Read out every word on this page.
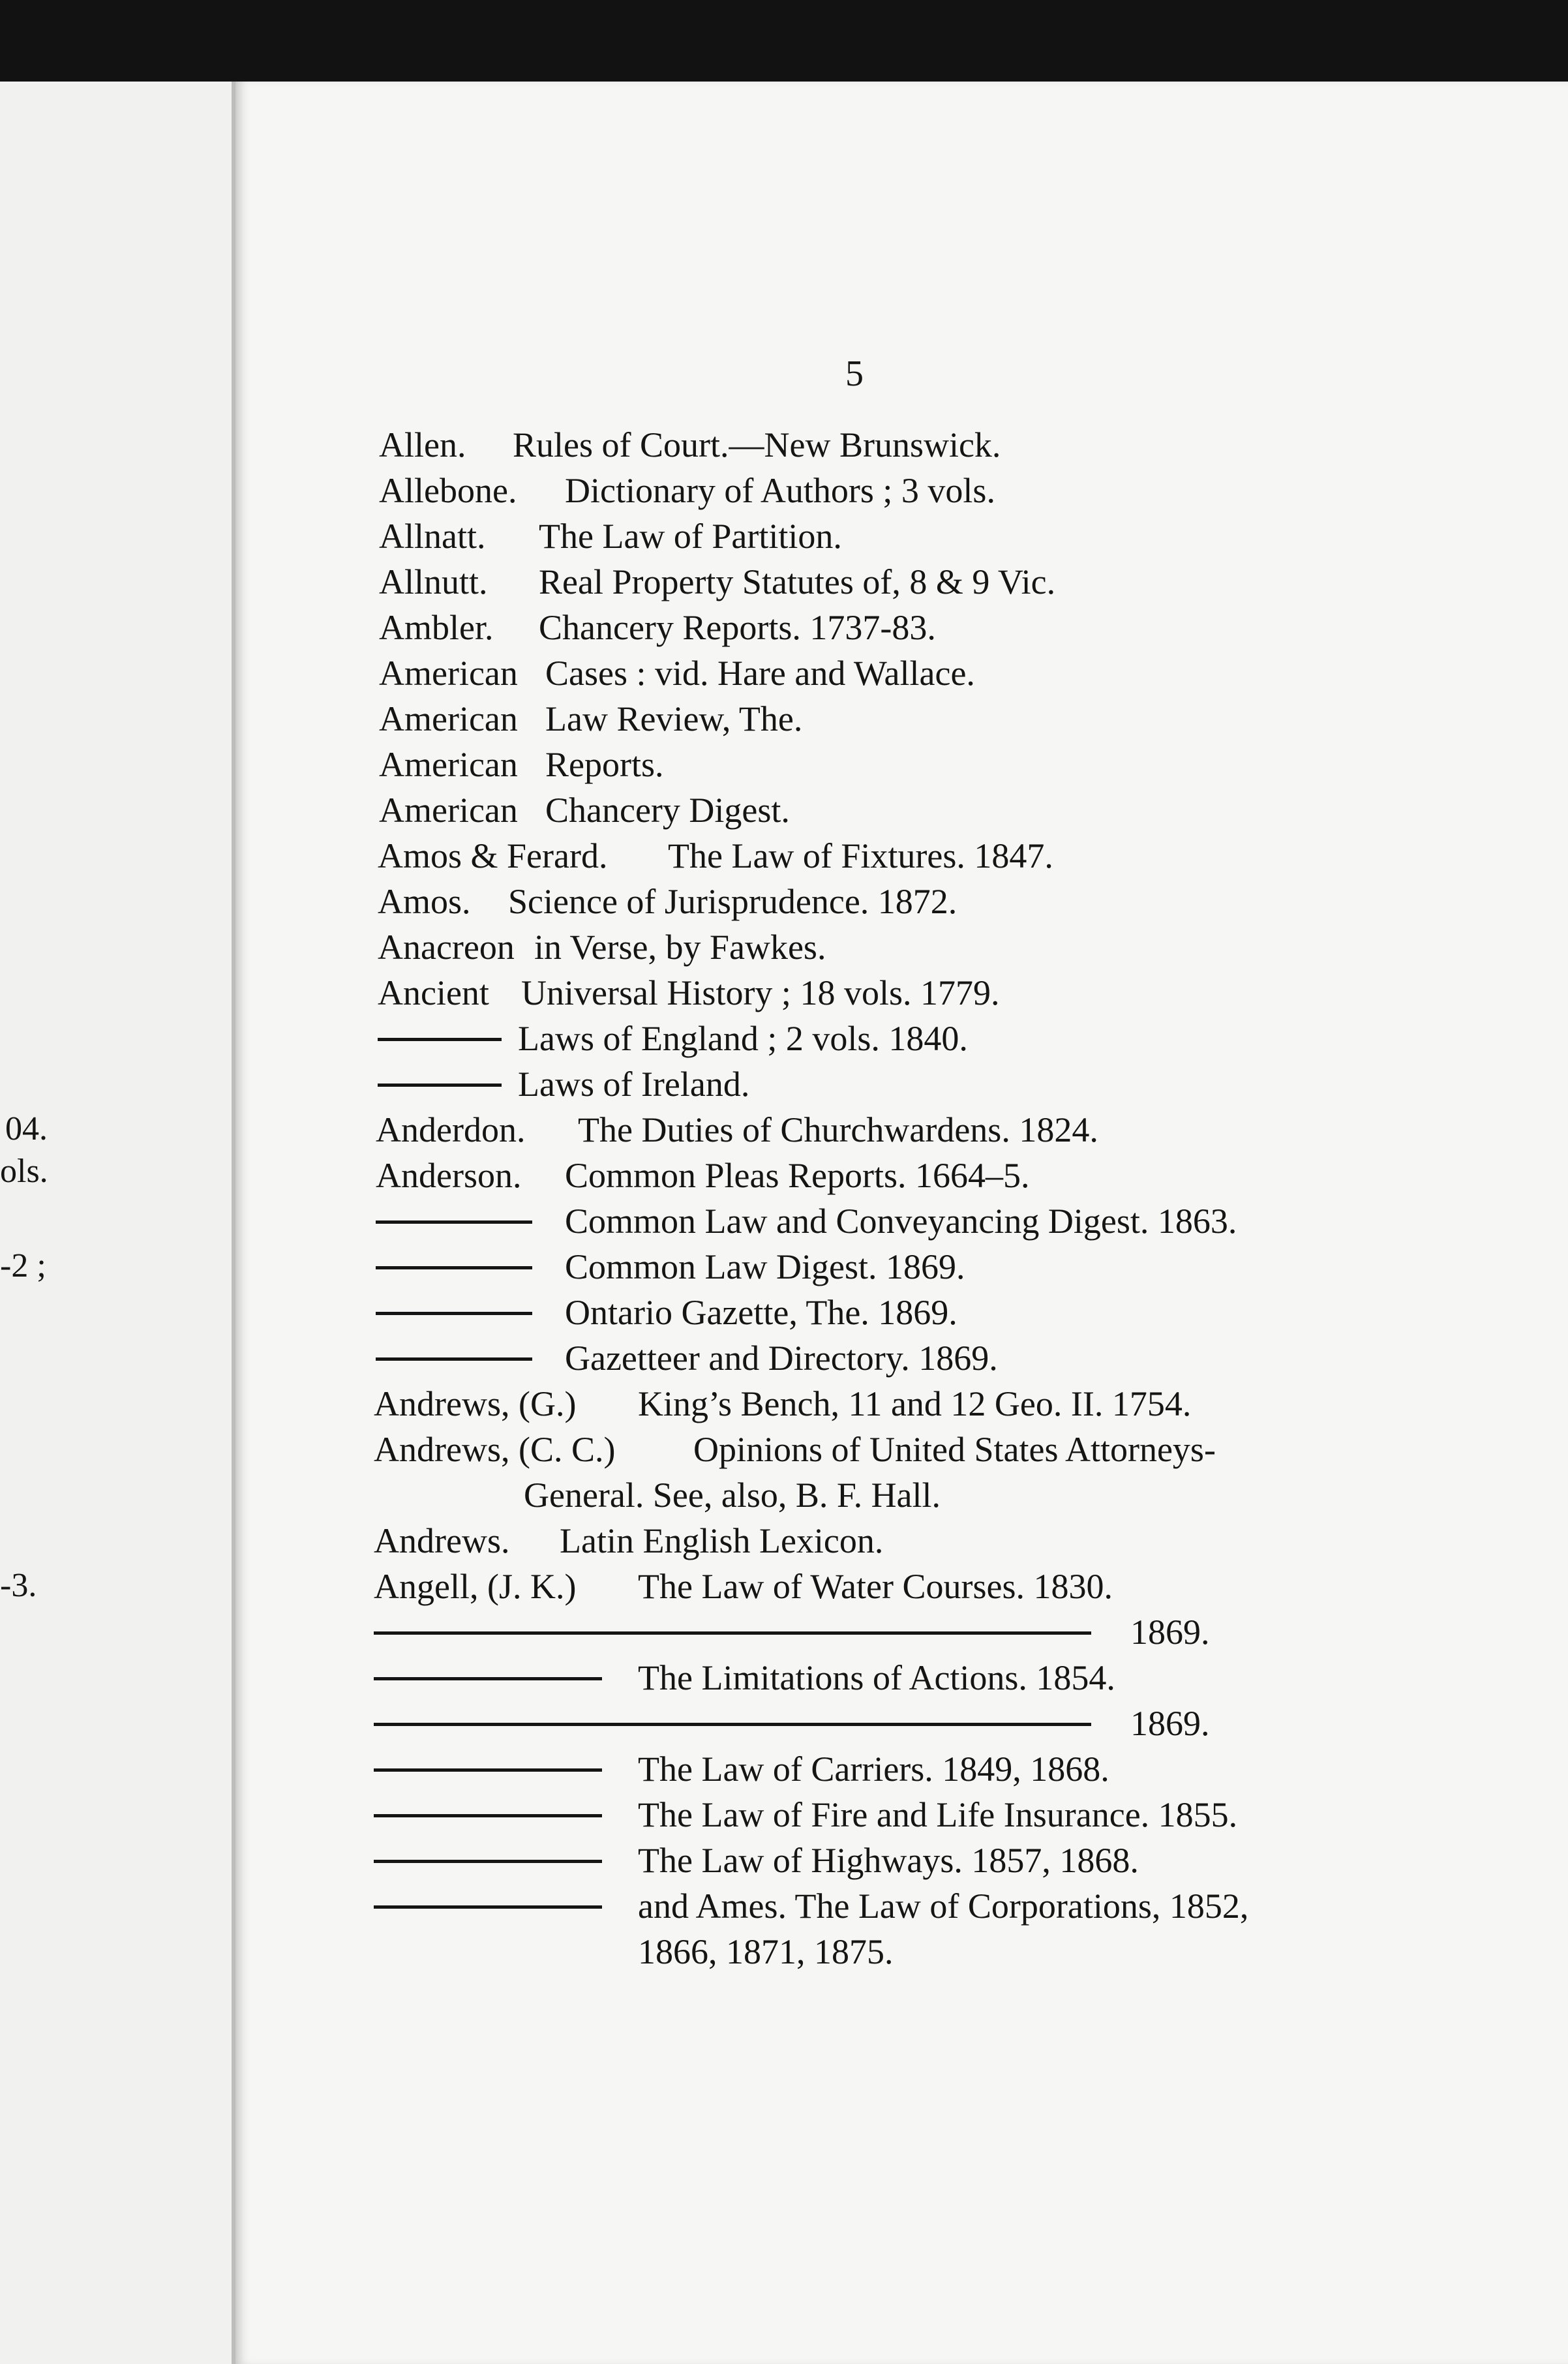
04.
ols.
-2 ;
-3.
5
Allen. Rules of Court.—New Brunswick.
Allebone. Dictionary of Authors ; 3 vols.
Allnatt. The Law of Partition.
Allnutt. Real Property Statutes of, 8 & 9 Vic.
Ambler. Chancery Reports. 1737-83.
American Cases : vid. Hare and Wallace.
American Law Review, The.
American Reports.
American Chancery Digest.
Amos & Ferard. The Law of Fixtures. 1847.
Amos. Science of Jurisprudence. 1872.
Anacreon in Verse, by Fawkes.
Ancient Universal History ; 18 vols. 1779.
Laws of England ; 2 vols. 1840.
Laws of Ireland.
Anderdon. The Duties of Churchwardens. 1824.
Anderson. Common Pleas Reports. 1664–5.
Common Law and Conveyancing Digest. 1863.
Common Law Digest. 1869.
Ontario Gazette, The. 1869.
Gazetteer and Directory. 1869.
Andrews, (G.) King’s Bench, 11 and 12 Geo. II. 1754.
Andrews, (C. C.) Opinions of United States Attorneys-
General. See, also, B. F. Hall.
Andrews. Latin English Lexicon.
Angell, (J. K.) The Law of Water Courses. 1830.
1869.
The Limitations of Actions. 1854.
1869.
The Law of Carriers. 1849, 1868.
The Law of Fire and Life Insurance. 1855.
The Law of Highways. 1857, 1868.
and Ames. The Law of Corporations, 1852,
1866, 1871, 1875.
